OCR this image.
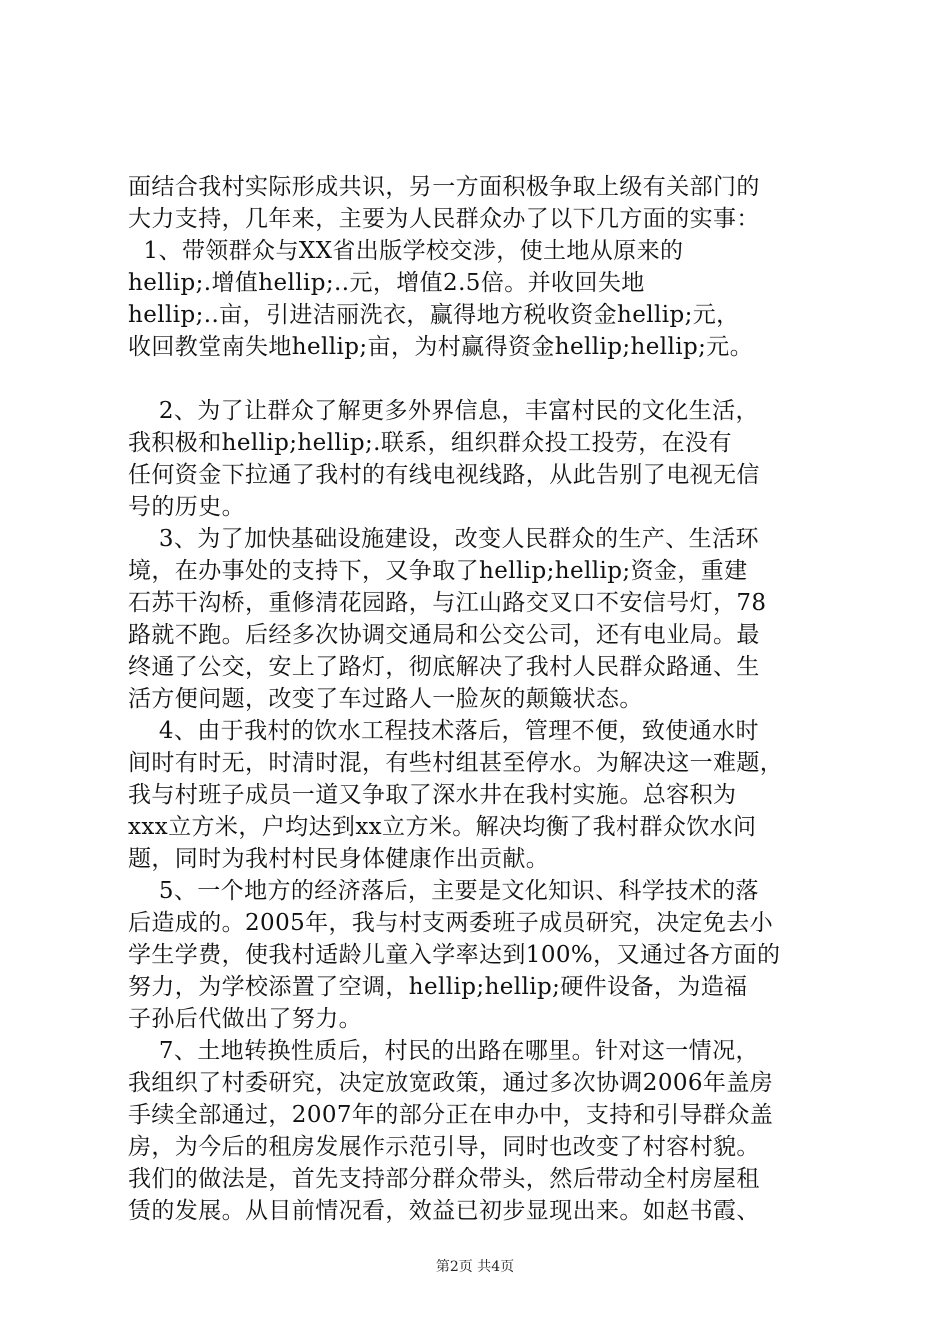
面结合我村实际形成共识，另一方面积极争取上级有关部门的
大力支持，几年来，主要为人民群众办了以下几方面的实事：
1、带领群众与XX省出版学校交涉，使土地从原来的
hellip;.增值hellip;..元，增值2.5倍。并收回失地
hellip;..亩，引进洁丽洗衣，赢得地方税收资金hellip;元，
收回教堂南失地hellip;亩，为村赢得资金hellip;hellip;元。
2、为了让群众了解更多外界信息，丰富村民的文化生活，
我积极和hellip;hellip;.联系，组织群众投工投劳，在没有
任何资金下拉通了我村的有线电视线路，从此告别了电视无信
号的历史。
3、为了加快基础设施建设，改变人民群众的生产、生活环
境，在办事处的支持下，又争取了hellip;hellip;资金，重建
石苏干沟桥，重修清花园路，与江山路交叉口不安信号灯，78
路就不跑。后经多次协调交通局和公交公司，还有电业局。最
终通了公交，安上了路灯，彻底解决了我村人民群众路通、生
活方便问题，改变了车过路人一脸灰的颠簸状态。
4、由于我村的饮水工程技术落后，管理不便，致使通水时
间时有时无，时清时混，有些村组甚至停水。为解决这一难题，
我与村班子成员一道又争取了深水井在我村实施。总容积为
xxx立方米，户均达到xx立方米。解决均衡了我村群众饮水问
题，同时为我村村民身体健康作出贡献。
5、一个地方的经济落后，主要是文化知识、科学技术的落
后造成的。2005年，我与村支两委班子成员研究，决定免去小
学生学费，使我村适龄儿童入学率达到100%，又通过各方面的
努力，为学校添置了空调，hellip;hellip;硬件设备，为造福
子孙后代做出了努力。
7、土地转换性质后，村民的出路在哪里。针对这一情况，
我组织了村委研究，决定放宽政策，通过多次协调2006年盖房
手续全部通过，2007年的部分正在申办中，支持和引导群众盖
房，为今后的租房发展作示范引导，同时也改变了村容村貌。
我们的做法是，首先支持部分群众带头，然后带动全村房屋租
赁的发展。从目前情况看，效益已初步显现出来。如赵书霞、
第2页 共4页
